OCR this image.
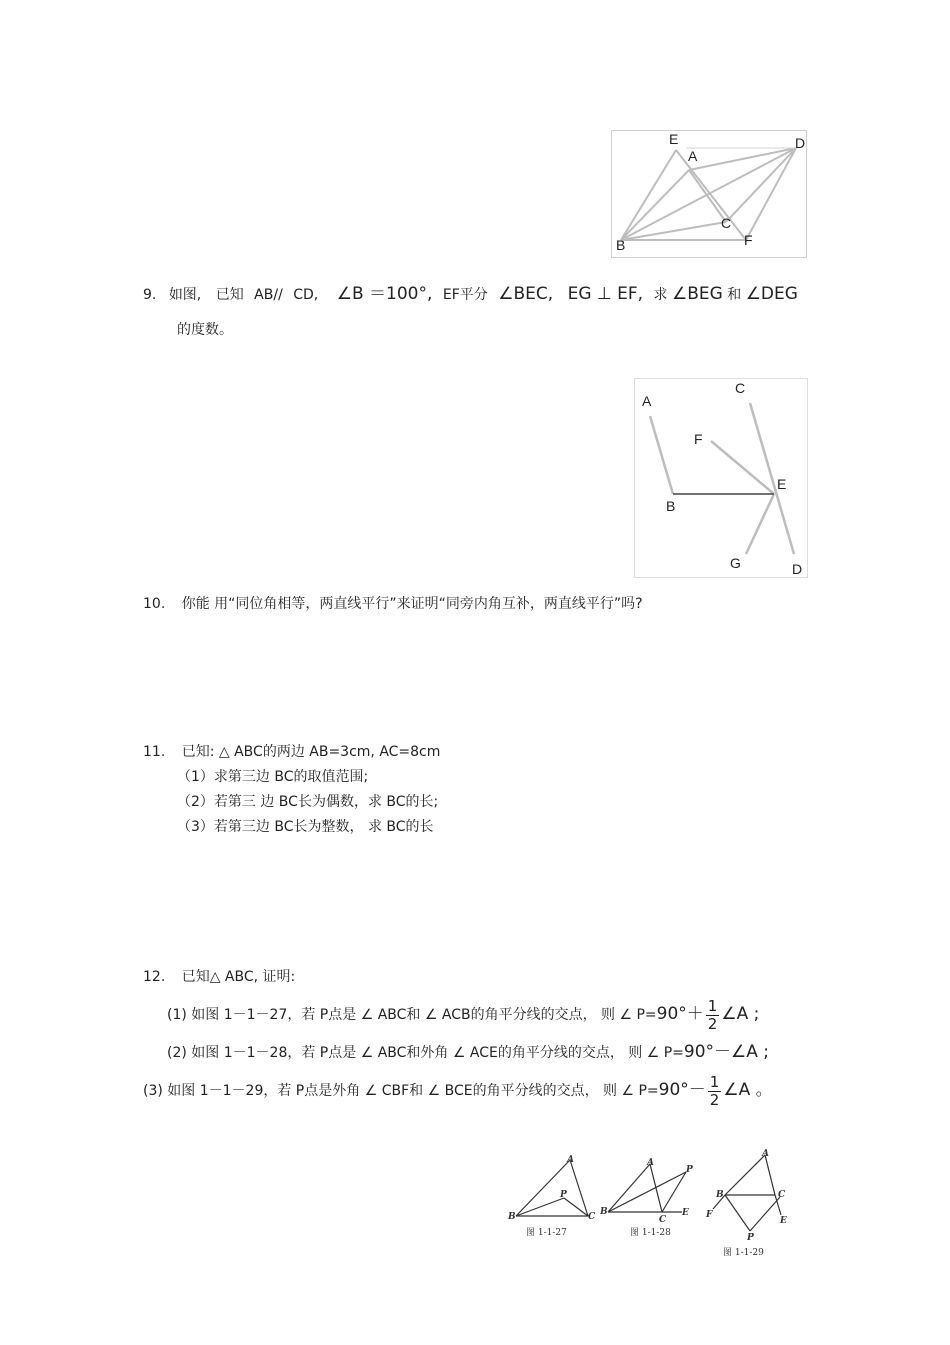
E
A
D
C
F
B
9. 如图, 已知 AB// CD, ∠B ＝100°, EF平分 ∠BEC, EG ⊥ EF, 求 ∠BEG 和 ∠DEG
的度数。
C
A
F
E
B
G	D
10. 你能 用“同位角相等，两直线平行”来证明“同旁内角互补，两直线平行”吗?
11. 已知: △ ABC的两边 AB=3cm, AC=8cm
（1）求第三边 BC的取值范围;
（2）若第三 边 BC长为偶数，求 BC的长;
（3）若第三边 BC长为整数， 求 BC的长
12. 已知△ ABC, 证明:
(1) 如图 1－1－27，若 P点是 ∠ ABC和 ∠ ACB的角平分线的交点， 则 ∠ $P=90^\circ+ \frac{1}{2}$ ∠A ;
(2) 如图 1－1－28，若 P点是 ∠ ABC和外角 ∠ ACE的角平分线的交点， 则 ∠ P=90°－∠A ;
(3) 如图 1－1－29，若 P点是外角 ∠ CBF和 ∠ BCE的角平分线的交点， 则 ∠ $P=90^\circ- \frac{1}{2}$ ∠A 。
A
P
B	C
图 1-1-27
A
P
B
C
E
图 1-1-28
A
B	C
F
E
P
图 1-1-29
